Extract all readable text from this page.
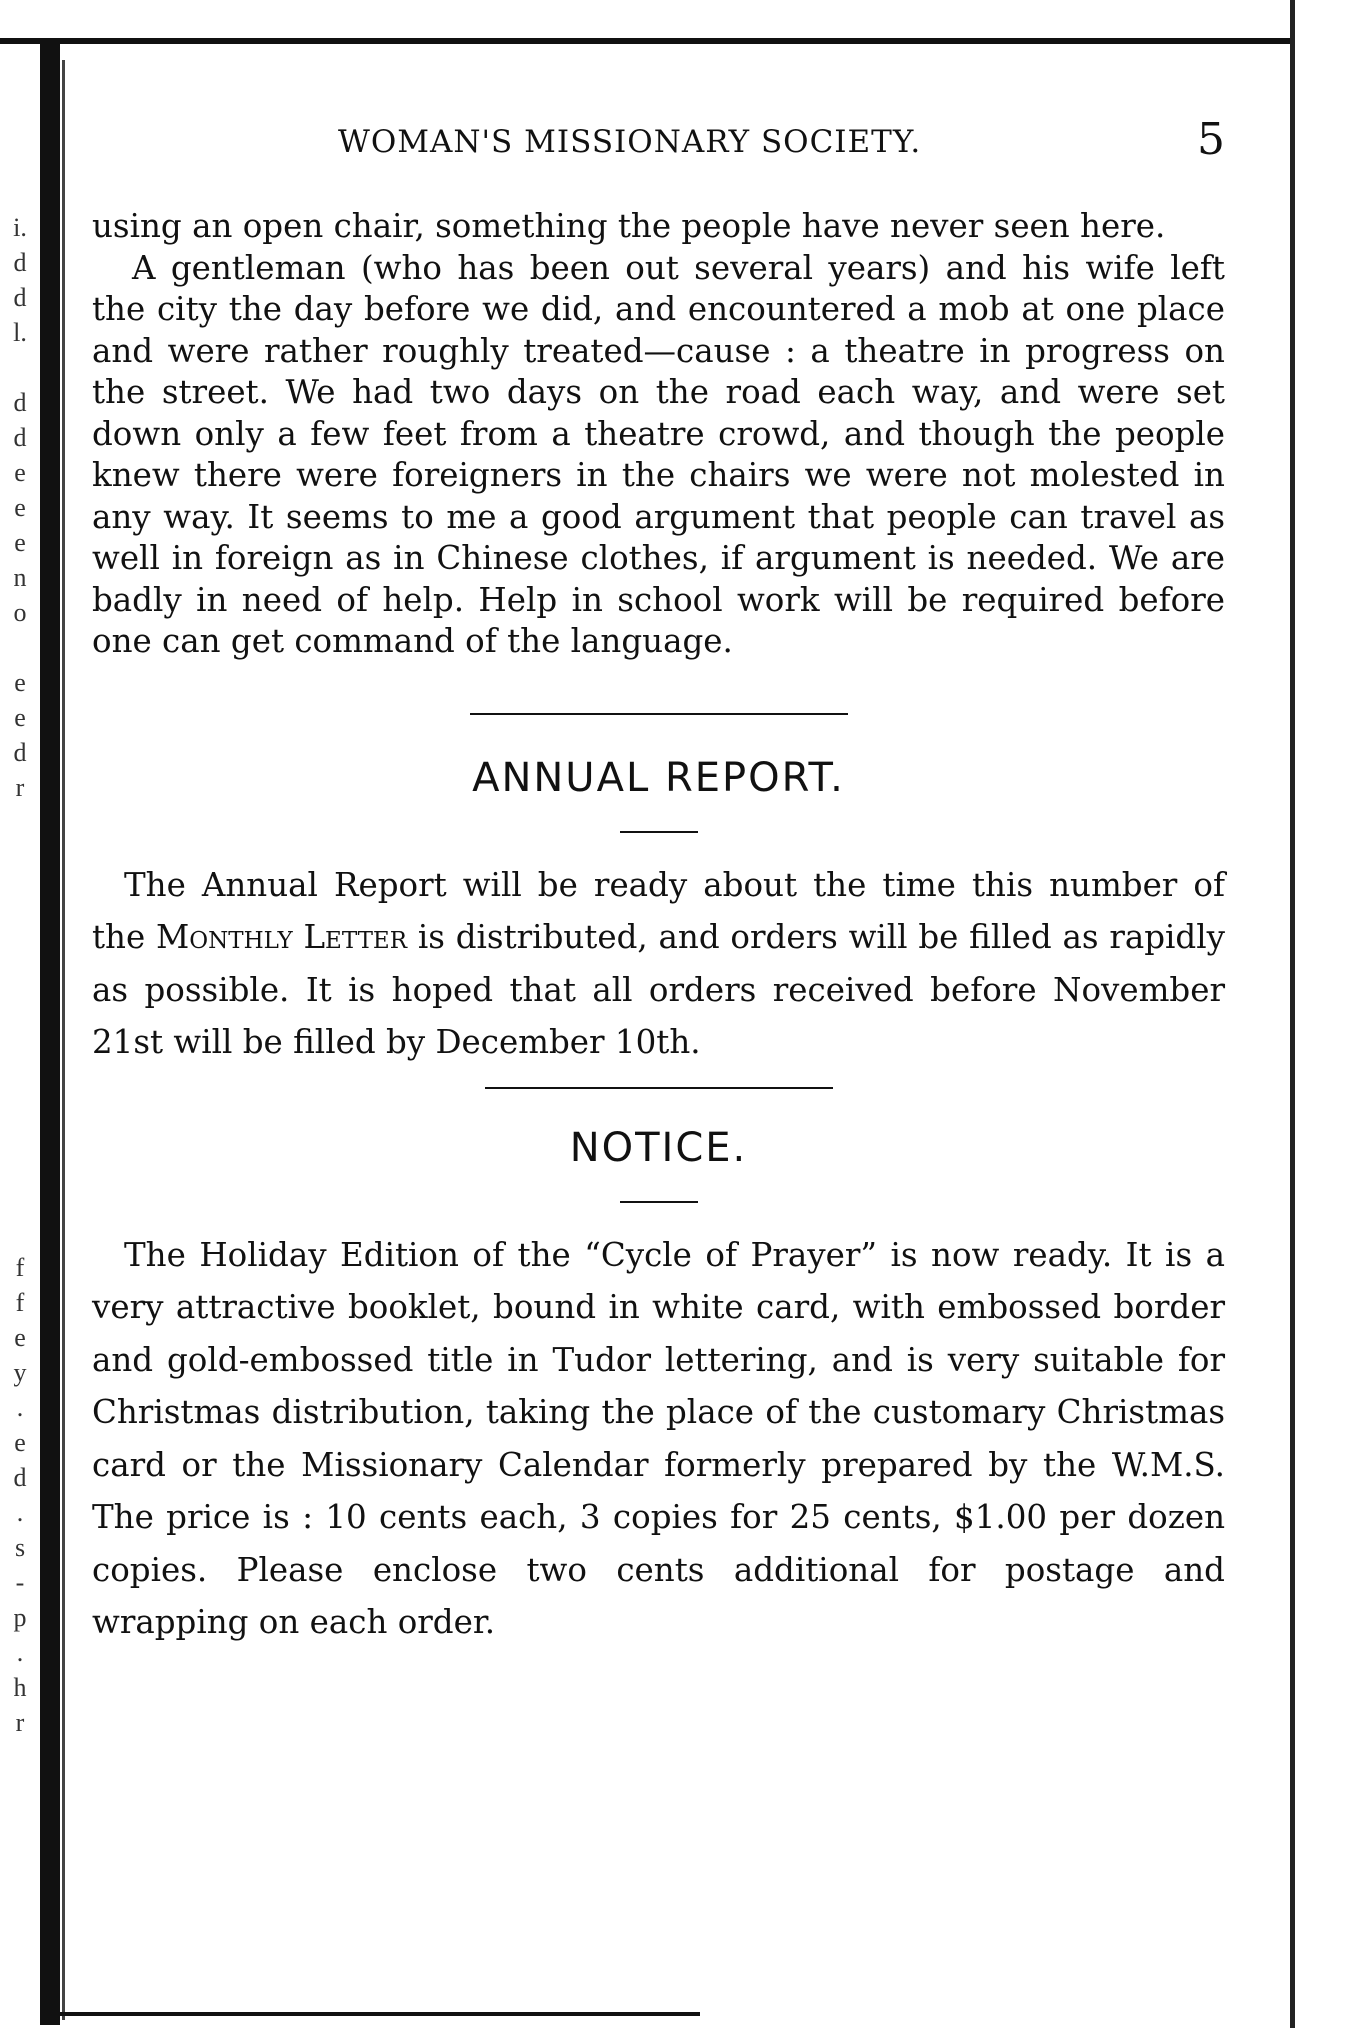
i.
d
d
l.

d
d
e
e
e
n
o

e
e
d
r
f
f
e
y
.
e
d
.
s
-
p
.
h
r
WOMAN'S MISSIONARY SOCIETY.	5

using an open chair, something the people have never seen here.

A gentleman (who has been out several years) and his wife left the city the day before we did, and encountered a mob at one place and were rather roughly treated—cause : a theatre in progress on the street. We had two days on the road each way, and were set down only a few feet from a theatre crowd, and though the people knew there were foreigners in the chairs we were not molested in any way. It seems to me a good argument that people can travel as well in foreign as in Chinese clothes, if argument is needed. We are badly in need of help. Help in school work will be required before one can get command of the language.

ANNUAL REPORT.

The Annual Report will be ready about the time this number of the Monthly Letter is distributed, and orders will be filled as rapidly as possible. It is hoped that all orders received before November 21st will be filled by December 10th.

NOTICE.

The Holiday Edition of the “Cycle of Prayer” is now ready. It is a very attractive booklet, bound in white card, with embossed border and gold-embossed title in Tudor lettering, and is very suitable for Christmas distribution, taking the place of the customary Christmas card or the Missionary Calendar formerly prepared by the W.M.S. The price is : 10 cents each, 3 copies for 25 cents, $1.00 per dozen copies. Please enclose two cents additional for postage and wrapping on each order.
